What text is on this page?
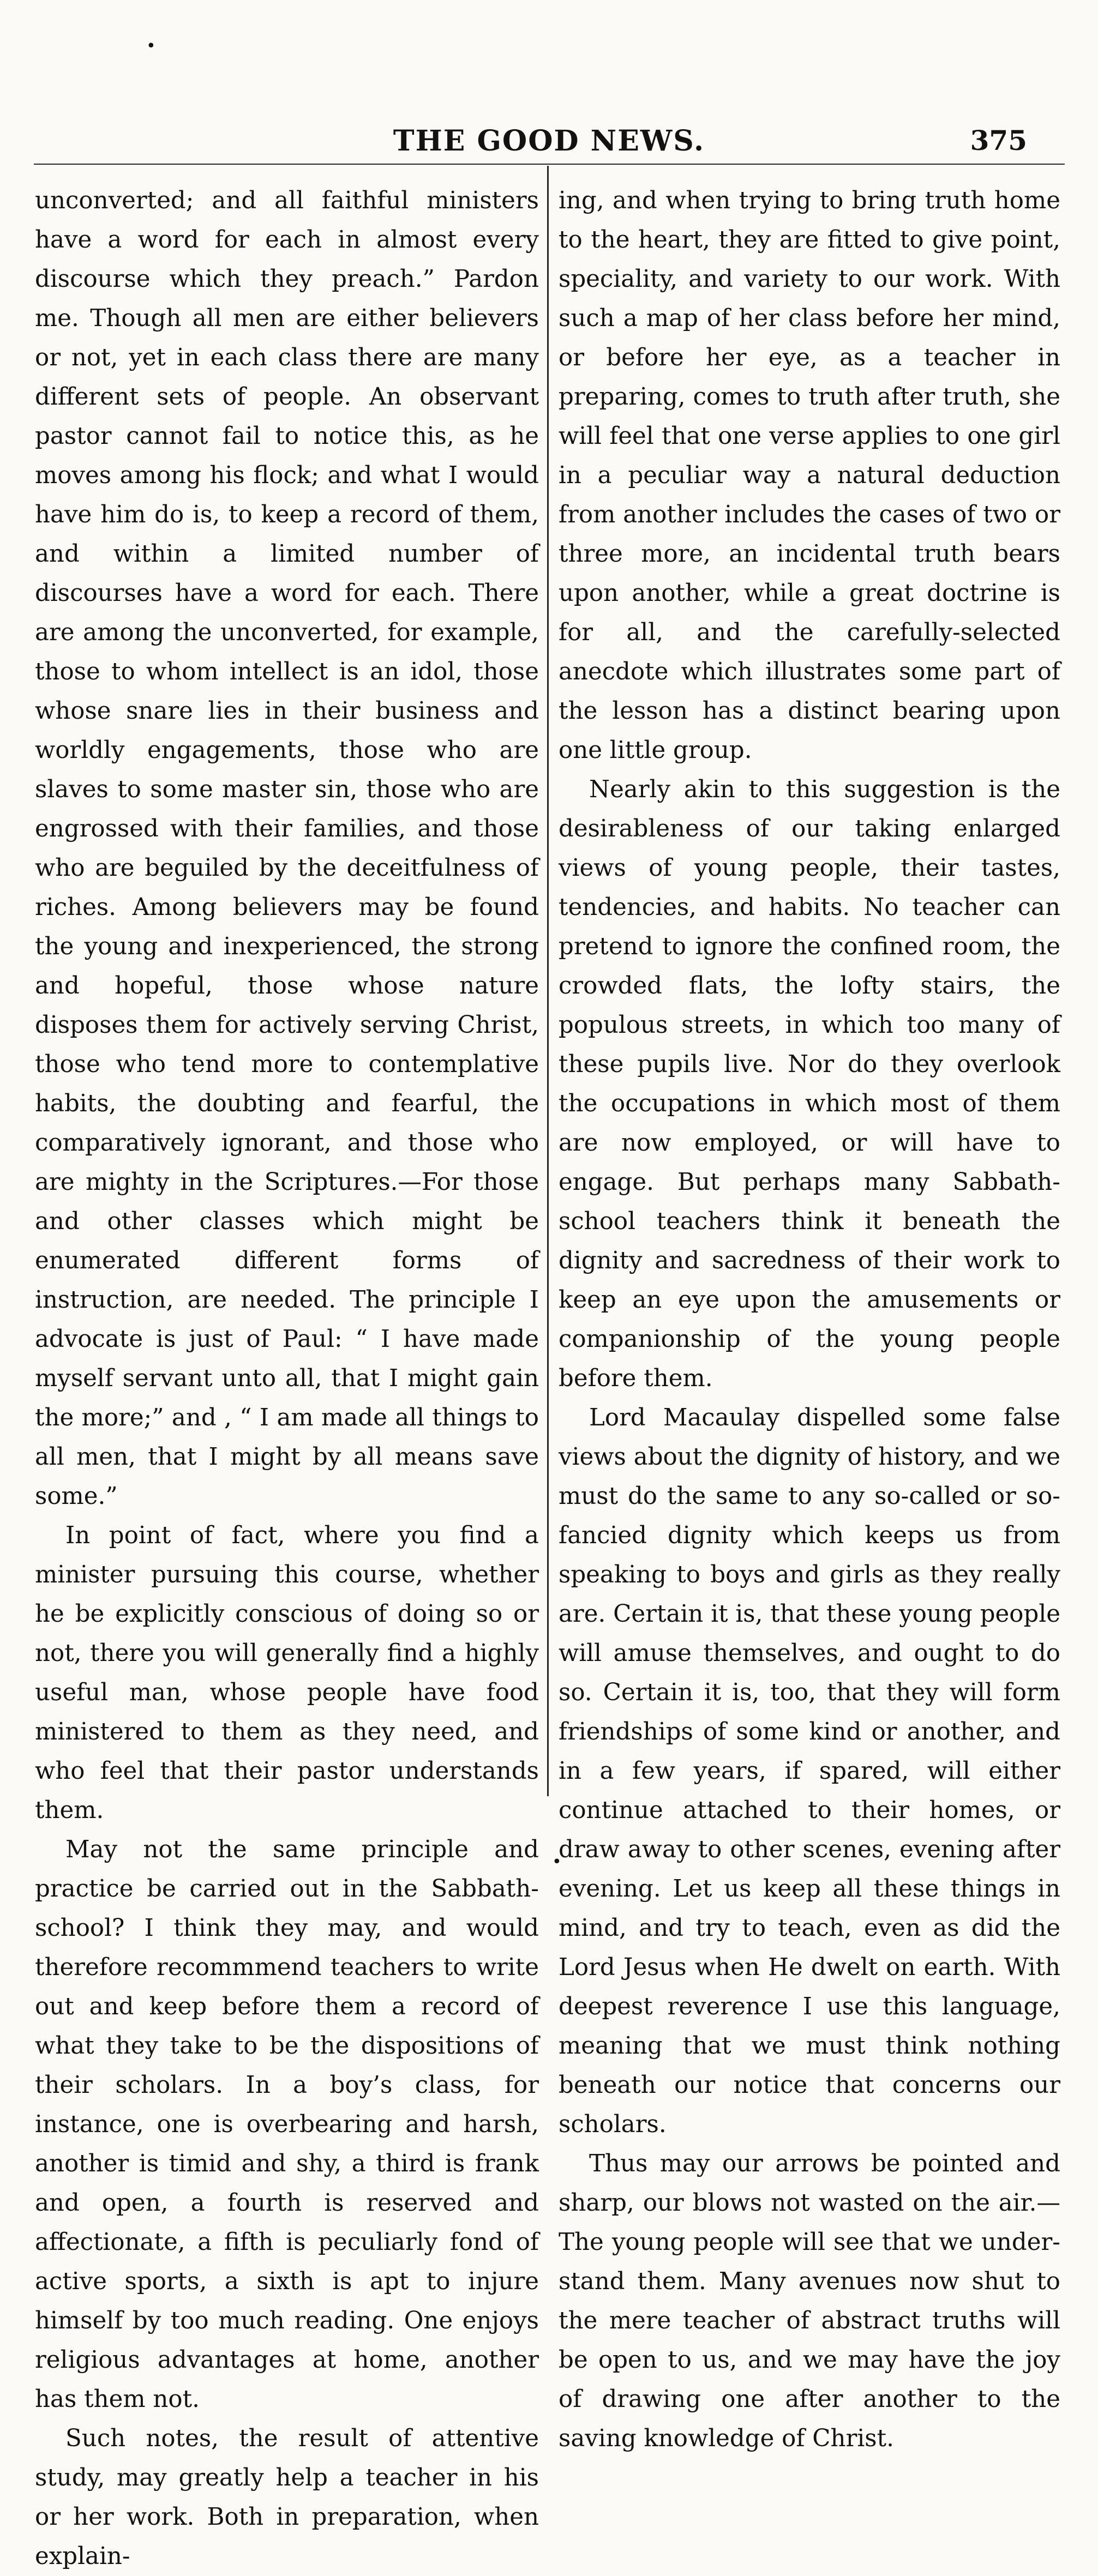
•
THE GOOD NEWS.	375

unconverted; and all faithful ministers have a word for each in almost every discourse which they preach.” Pardon me. Though all men are either believers or not, yet in each class there are many different sets of people. An observant pastor cannot fail to notice this, as he moves among his flock; and what I would have him do is, to keep a record of them, and within a limited number of discourses have a word for each. There are among the unconverted, for example, those to whom intellect is an idol, those whose snare lies in their business and worldly engagements, those who are slaves to some master sin, those who are engrossed with their families, and those who are beguiled by the deceitfulness of riches. Among believers may be found the young and inexperienced, the strong and hopeful, those whose nature disposes them for actively serving Christ, those who tend more to contemplative habits, the doubting and fearful, the comparatively ignorant, and those who are mighty in the Scriptures.—For those and other classes which might be enumerated different forms of instruction, are needed. The principle I advocate is just of Paul: “ I have made myself servant unto all, that I might gain the more;” and , “ I am made all things to all men, that I might by all means save some.”

In point of fact, where you find a minister pursuing this course, whether he be explicitly conscious of doing so or not, there you will generally find a highly useful man, whose people have food ministered to them as they need, and who feel that their pastor understands them.

May not the same principle and practice be carried out in the Sabbath-school? I think they may, and would therefore recommmend teachers to write out and keep before them a record of what they take to be the dispositions of their scholars. In a boy’s class, for instance, one is overbearing and harsh, another is timid and shy, a third is frank and open, a fourth is reserved and affectionate, a fifth is peculiarly fond of active sports, a sixth is apt to injure himself by too much reading. One enjoys religious advantages at home, another has them not.

Such notes, the result of attentive study, may greatly help a teacher in his or her work. Both in preparation, when explain-

ing, and when trying to bring truth home to the heart, they are fitted to give point, speciality, and variety to our work. With such a map of her class before her mind, or before her eye, as a teacher in preparing, comes to truth after truth, she will feel that one verse applies to one girl in a peculiar way a natural deduction from another includes the cases of two or three more, an incidental truth bears upon another, while a great doctrine is for all, and the carefully-selected anecdote which illustrates some part of the lesson has a distinct bearing upon one little group.

Nearly akin to this suggestion is the desirableness of our taking enlarged views of young people, their tastes, tendencies, and habits. No teacher can pretend to ignore the confined room, the crowded flats, the lofty stairs, the populous streets, in which too many of these pupils live. Nor do they overlook the occupations in which most of them are now employed, or will have to engage. But perhaps many Sabbath-school teachers think it beneath the dignity and sacredness of their work to keep an eye upon the amusements or companionship of the young people before them.

Lord Macaulay dispelled some false views about the dignity of history, and we must do the same to any so-called or so-fancied dignity which keeps us from speaking to boys and girls as they really are. Certain it is, that these young people will amuse themselves, and ought to do so. Certain it is, too, that they will form friendships of some kind or another, and in a few years, if spared, will either continue attached to their homes, or draw away to other scenes, evening after evening. Let us keep all these things in mind, and try to teach, even as did the Lord Jesus when He dwelt on earth. With deepest reverence I use this language, meaning that we must think nothing beneath our notice that concerns our scholars.

Thus may our arrows be pointed and sharp, our blows not wasted on the air.—The young people will see that we understand them. Many avenues now shut to the mere teacher of abstract truths will be open to us, and we may have the joy of drawing one after another to the saving knowledge of Christ.

•
